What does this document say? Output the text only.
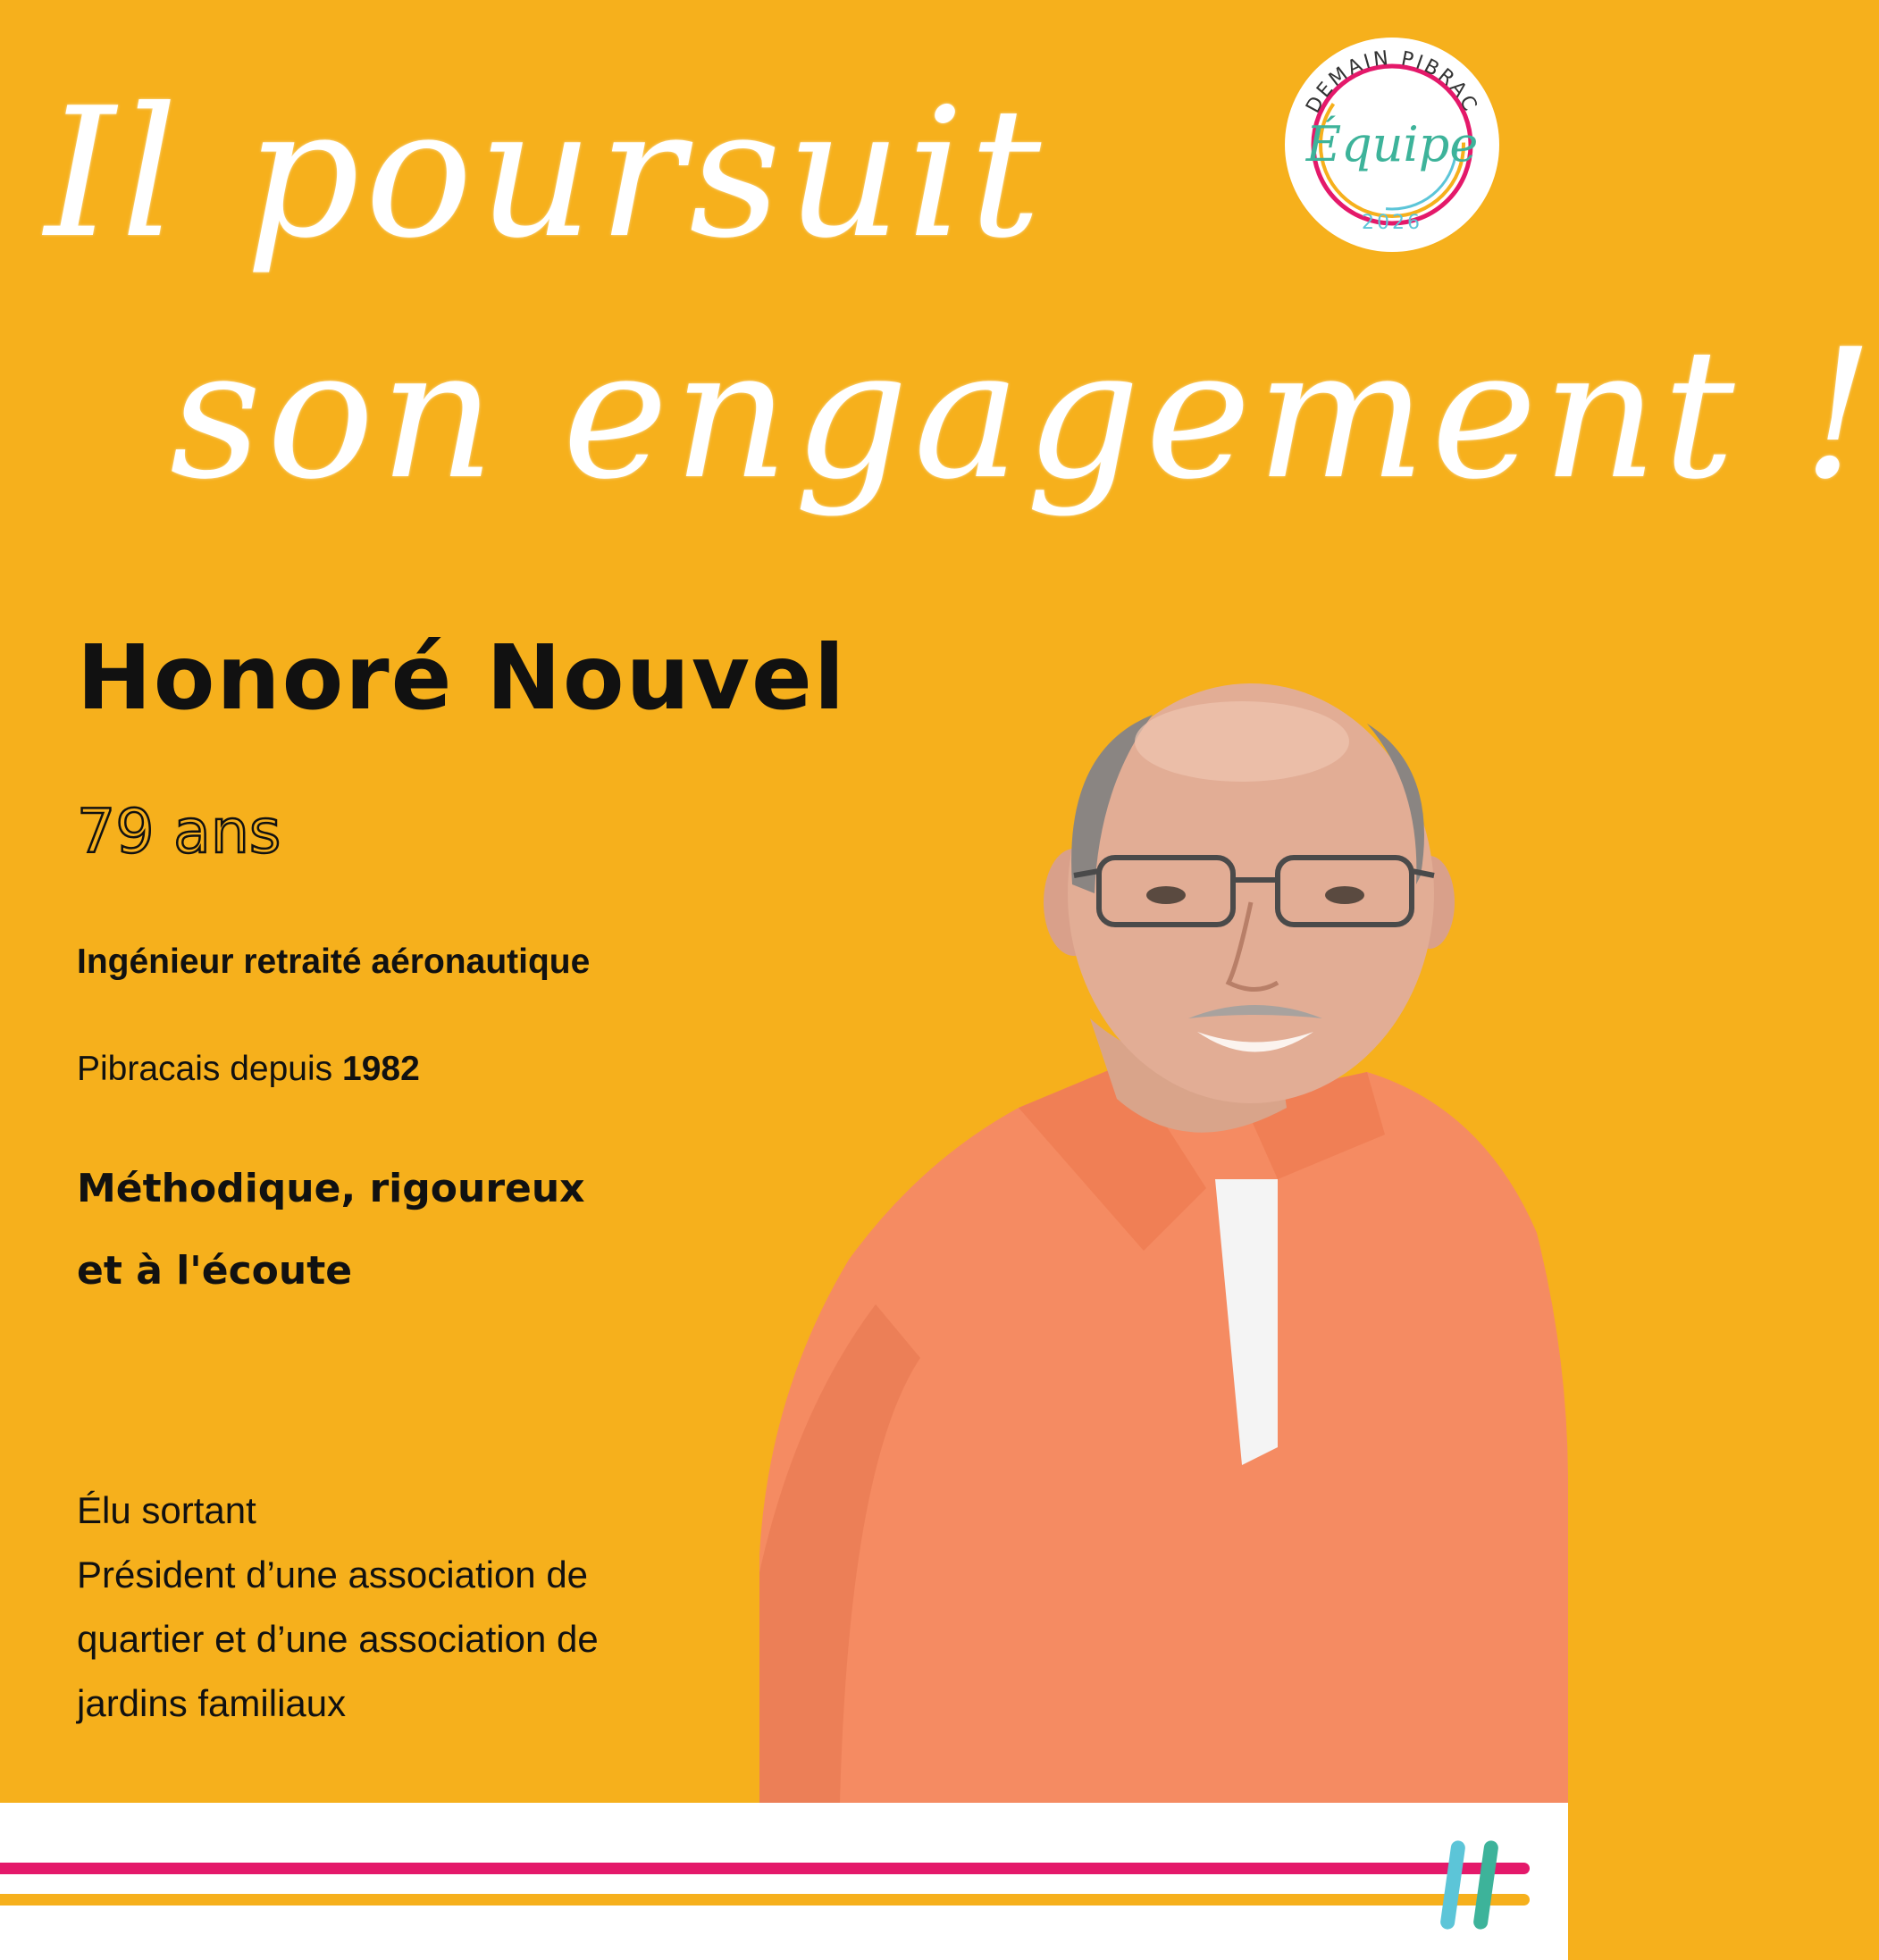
Il poursuit
son engagement !
DEMAIN PIBRAC
Équipe
2026
Honoré Nouvel
79 ans
Ingénieur retraité aéronautique
Pibracais depuis 1982
Méthodique, rigoureux
et à l'écoute
Élu sortant
Président d’une association de
quartier et d’une association de
jardins familiaux
